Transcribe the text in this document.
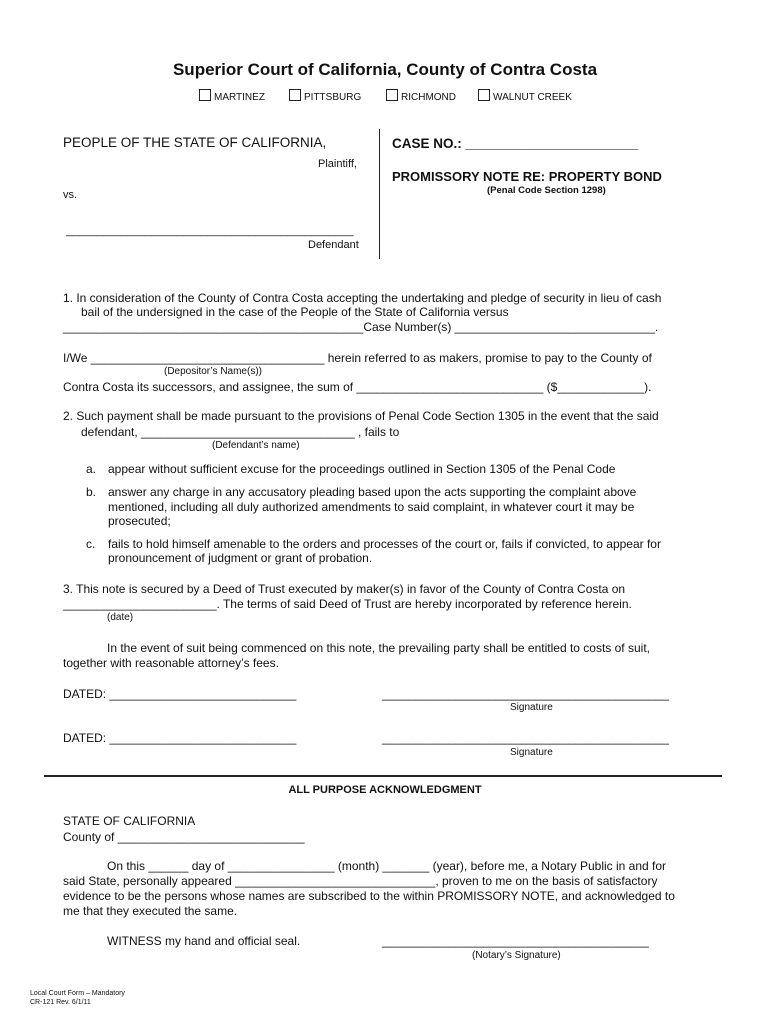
Superior Court of California, County of Contra Costa
MARTINEZ	PITTSBURG	RICHMOND	WALNUT CREEK
PEOPLE OF THE STATE OF CALIFORNIA,
Plaintiff,
vs.
_______________________________________________
Defendant
CASE NO.: _______________________
PROMISSORY NOTE RE: PROPERTY BOND
(Penal Code Section 1298)
1. In consideration of the County of Contra Costa accepting the undertaking and pledge of security in lieu of cash
bail of the undersigned in the case of the People of the State of California versus
_____________________________________________Case Number(s) ______________________________.
I/We ___________________________________ herein referred to as makers, promise to pay to the County of
(Depositor’s Name(s))
Contra Costa its successors, and assignee, the sum of ____________________________ ($_____________).
2. Such payment shall be made pursuant to the provisions of Penal Code Section 1305 in the event that the said
defendant, ________________________________ , fails to
(Defendant’s name)
a. appear without sufficient excuse for the proceedings outlined in Section 1305 of the Penal Code
b. answer any charge in any accusatory pleading based upon the acts supporting the complaint above
mentioned, including all duly authorized amendments to said complaint, in whatever court it may be
prosecuted;
c. fails to hold himself amenable to the orders and processes of the court or, fails if convicted, to appear for
pronouncement of judgment or grant of probation.
3. This note is secured by a Deed of Trust executed by maker(s) in favor of the County of Contra Costa on
_______________________. The terms of said Deed of Trust are hereby incorporated by reference herein.
(date)
In the event of suit being commenced on this note, the prevailing party shall be entitled to costs of suit,
together with reasonable attorney’s fees.
DATED: ____________________________	___________________________________________
Signature
DATED: ____________________________	___________________________________________
Signature
ALL PURPOSE ACKNOWLEDGMENT
STATE OF CALIFORNIA
County of ____________________________
On this ______ day of ________________ (month) _______ (year), before me, a Notary Public in and for
said State, personally appeared ______________________________, proven to me on the basis of satisfactory
evidence to be the persons whose names are subscribed to the within PROMISSORY NOTE, and acknowledged to
me that they executed the same.
WITNESS my hand and official seal.	________________________________________
(Notary’s Signature)
Local Court Form – Mandatory
CR-121 Rev. 6/1/11
